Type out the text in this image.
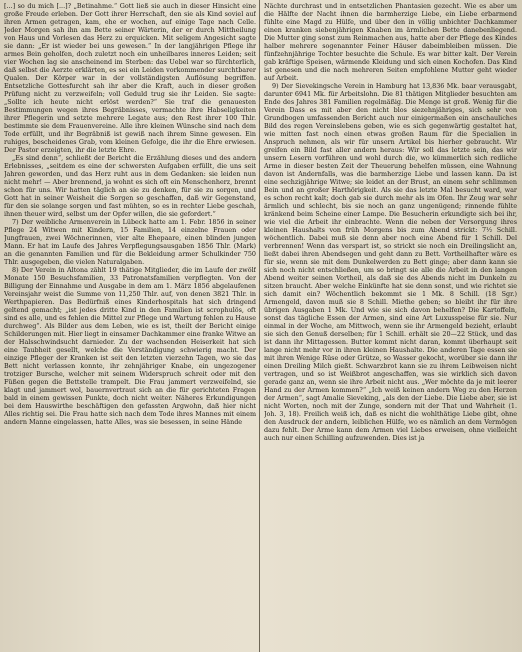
[...] so du mich [...]? „Betinahme.“ Gott ließ sie auch in dieser Hinsicht eine große Freude erleben. Der Gott ihrer Herrschaft, den sie als Kind soviel auf ihren Armen getragen, kam, ehe er wochen, auf einige Tage nach Celle. Jeder Morgen sah ihn am Bette seiner Wärterin, der er durch Mittheilung von Haus und Vorlesen das Herz zu erquicken. Mit seligem Angesicht sagte sie dann: „Er ist wieder bei uns gewesen.“ In der langjährigen Pflege ihr armes Bein geholfen, doch zuletzt noch ein unheilbares inneres Leiden; seit vier Wochen lag sie anscheinend im Sterben: das Uebel war so fürchterlich, daß selbst die Aerzte erklärten, es sei ein Leiden vorkommender surchtbarer Qualen. Der Körper war in der vollständigsten Auflösung begriffen. Entsetzliche Gottesfurcht sah ihr aber die Kraft, auch in dieser großen Prüfung nicht zu verzweifeln; voll Geduld trug sie ihr Leiden. Sie sagte: „Sollte ich heute nicht erlöst werden?“ Sie traf die genauesten Bestimmungen wegen ihres Begräbnisses, vermachte ihre Habseligkeiten ihrer Pflegerin und setzte mehrere Legate aus; den Rest ihrer 100 Thlr. bestimmte sie dem Frauenvereine. Alle ihre kleinen Wünsche sind nach dem Tode erfüllt, und ihr Begräbniß ist gewiß nach ihrem Sinne gewesen. Ein ruhiges, bescheidenes Grab, vom kleinen Gefolge, die ihr die Ehre erwiesen. Der Pastor erzeigten, ihr die letzte Ehre.

„Es sind denn“, schließt der Bericht die Erzählung dieses und des andern Erlebnisses, „seitdem es eine der schwersten Aufgaben erfüllt, die uns seit Jahren geworden, und das Herz ruht aus in dem Gedanken: sie leiden nun nicht mehr! — Aber brennend, ja wohnt es sich oft ein Menschenherz, brennt schon für uns. Wir hatten täglich an sie zu denken, für sie zu sorgen, und Gott hat in seiner Weisheit die Sorgen so geschaffen, daß wir Gegenstand, für den sie solange sorgen und fast mühten, so es in rechter Liebe geschah, ihnen theuer wird, selbst um der Opfer willen, die sie gefordert.“

7) Der weibliche Armenverein in Lübeck hatte am 1. Febr. 1856 in seiner Pflege 24 Witwen mit Kindern, 15 Familien, 14 einzelne Frauen oder Jungfrauen, zwei Wöchnerinnen, vier alte Ehepaare, einen blinden jungen Mann. Er hat im Laufe des Jahres Verpflegungsausgaben 1856 Thlr. (Mark) an die genannten Familien und für die Bekleidung armer Schulkinder 750 Thlr. ausgegeben, die vielen Naturalgaben.

8) Der Verein in Altona zählt 19 thätige Mitglieder, die im Laufe der zwölf Monate 150 Besuchsfamilien, 33 Patronatsfamilien verpflegten. Von der Billigung der Einnahme und Ausgabe in dem am 1. März 1856 abgelaufenen Vereinsjahr weist die Summe von 11,250 Thlr. auf, von denen 3821 Thlr. in Werthpapieren. Das Bedürfniß eines Kinderhospitals hat sich dringend geltend gemacht; „ist jedes dritte Kind in den Familien ist scrophulös, oft sind es alle, und es fehlen die Mittel zur Pflege und Wartung fehlen zu Hause durchweg“. Als Bilder aus dem Leben, wie es ist, theilt der Bericht einige Schilderungen mit. Hier liegt in einsamer Dachkammer eine franke Witwe an der Halsschwindsucht darnieder. Zu der wachsenden Heiserkeit hat sich eine Taubheit gesellt, welche die Verständigung schwierig macht. Der einzige Pfleger der Kranken ist seit den letzten vierzehn Tagen, wo sie das Bett nicht verlassen konnte, ihr zehnjähriger Knabe, ein ungezogener trotziger Bursche, welcher mit seinem Widerspruch schreit oder mit den Füßen gegen die Bettstelle trampelt. Die Frau jammert verzweifelnd, sie klagt und jammert wol, bauernvertraut sich an die für gerichteten Fragen bald in einem gewissen Punkte, doch nicht weiter. Näheres Erkundigungen bei dem Hauswirthe beschäftigen den gefassten Argwohn, daß hier nicht Alles richtig sei. Die Frau hatte sich nach dem Tode ihres Mannes mit einem andern Manne eingelassen, hatte Alles, was sie besessen, in seine Hände

Nächte durchrast und in entsetzlichen Phantasien gezecht. Wie es aber um die Hälfte der Nacht ihnen die barmherzige Liebe, ein Liebe erbarmend fühlte eine Magd zu Hülfe, und über den in völlig unbichter Dachkammer einen kranken siebenjährigen Knaben im ärmlichen Bette danebenliegend. Die Mutter ging sonst zum Reinmachen aus, hatte aber der Pflege des Kindes halber mehrere sogenannter Feiner Häuser dabeimbleiben müssen. Die fünfzehnjährige Tochter besuchte die Schule. Es war bitter kalt. Der Verein gab kräftige Speisen, wärmende Kleidung und sich einen Kochofen. Das Kind ist genesen und die nach mehreren Seiten empfohlene Mutter geht wieder auf Arbeit.

9) Der Sievekingsche Verein in Hamburg hat 13,836 Mk. baar verausgabt, darunter 6941 Mk. für Arbeitslohn. Die 81 thätigen Mitglieder besuchten am Ende des Jahres 381 Familien regelmäßig. Die Menge ist groß. Wenig für die Verein Dass es mit aber den nicht blos siezehnjähriges, sich sehr von Grundbogen umfassenden Bericht auch nur einigermaßen ein anschauliches Bild des regen Vereinslebens geben, wie es sich gegenwärtig gestaltet hat, wie mitten fast noch einen etwas großen Raum für die Specialien in Anspruch nehmen, als wir für unsern Artikel bis hierher gebraucht. Wir greifen ein Bild fast aller andern heraus: Wir soll das letzte sein, das wir unsern Lesern vorführen und wohl durch die, wo kümmerlich sich redliche Arme in dieser besten Zeit der Theuerung behelfen müssen, eine Wahnung davon ist Andernfalls, was die barmherzige Liebe und lassen kann. Da ist eine sechzigjährige Witwe; sie leidet an der Brust, an einem sehr schlimmen Bein und an großer Harthörigkeit. Als sie das letzte Mal besucht ward, war es schon recht kalt; doch gab sie durch mehr als im Ofen. Ihr Zeug war sehr ärmlich und schlecht, bis sie noch an ganz ungenügend; rinnende fühlte kränkend beim Scheine einer Lampe. Die Besucherin erkundigte sich bei ihr, wie viel die Arbeit ihr einbrachte. Wenn die neben der Versorgung ihres kleinen Haushalts von früh Morgens bis zum Abend strickt: 7½ Schill. wöchentlich. Dabei muß sie denn aber noch eine Abend für 1 Schill. Del verbrennen! Wenn das verspart ist, so strickt sie noch ein Dreilingslicht an, ließt dabei ihren Abendsegen und geht dann zu Bett. Vortheilhafter wäre es für sie, wenn sie mit dem Dunkelwerden zu Bett ginge; aber dann kann sie sich noch nicht entschließen, um so bringt sie alle die Arbeit in den langen Abend weiter seinen Vortheil, als daß sie des Abends nicht im Dunkeln zu sitzen braucht. Aber welche Einkünfte hat sie denn sonst, und wie richtet sie sich damit ein? Wöchentlich bekommt sie 1 Mk. 8 Schill. (18 Sgr.) Armengeld, davon muß sie 8 Schill. Miethe geben; so bleibt ihr für ihre übrigen Ausgaben 1 Mk. Und wie sie sich davon behelfen? Die Kartoffeln, sonst das tägliche Essen der Armen, sind eine Art Luxusspeise für sie. Nur einmal in der Woche, am Mittwoch, wenn sie ihr Armengeld bezieht, erlaubt sie sich den Genuß derselben; für 1 Schill. erhält sie 20—22 Stück, und das ist dann ihr Mittagessen. Butter kommt nicht daran, kommt überhaupt seit lange nicht mehr vor in ihren kleinen Haushalte. Die anderen Tage essen sie mit ihren Wenige Rüse oder Grütze, so Wasser gekocht, worüber sie dann ihr einen Dreiling Milch gießt. Schwarzbrot kann sie zu ihrem Leibweisen nicht vertragen, und so ist Weißbrot angeschaffen, was sie wirklich sich davon gerade ganz an, wenn sie ihre Arbeit nicht aus. „Wer möchte da je mit leerer Hand zu der Armen kommen?“ „Ich weiß keinen andern Weg zu den Herzen der Armen“, sagt Amalie Sieveking, „als den der Liebe. Die Liebe aber, sie ist nicht Worten, noch mit der Zunge, sondern mit der That und Wahrheit (1. Joh. 3, 18). Freilich weiß ich, daß es nicht die wohlthätige Liebe gibt, ohne den Ausdruck der andern, leiblichen Hülfe, wo es nämlich an dem Vermögen dazu fehlt. Der Arme kann dem Armen viel Liebes erweisen, ohne vielleicht auch nur einen Schilling aufzuwenden. Dies ist ja
